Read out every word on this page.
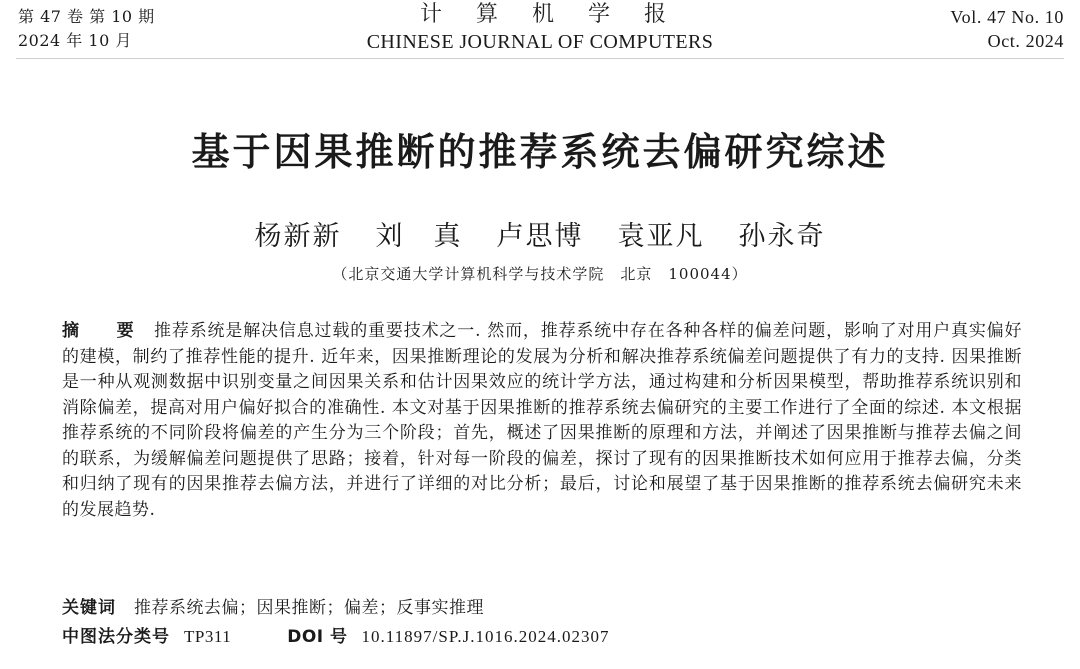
第 47 卷 第 10 期
2024 年 10 月
计算机学报
CHINESE JOURNAL OF COMPUTERS
Vol. 47 No. 10
Oct. 2024
基于因果推断的推荐系统去偏研究综述
杨新新 刘　真 卢思博 袁亚凡 孙永奇
（北京交通大学计算机科学与技术学院　北京　100044）
摘　要 推荐系统是解决信息过载的重要技术之一. 然而，推荐系统中存在各种各样的偏差问题，影响了对用户真实偏好的建模，制约了推荐性能的提升. 近年来，因果推断理论的发展为分析和解决推荐系统偏差问题提供了有力的支持. 因果推断是一种从观测数据中识别变量之间因果关系和估计因果效应的统计学方法，通过构建和分析因果模型，帮助推荐系统识别和消除偏差，提高对用户偏好拟合的准确性. 本文对基于因果推断的推荐系统去偏研究的主要工作进行了全面的综述. 本文根据推荐系统的不同阶段将偏差的产生分为三个阶段；首先，概述了因果推断的原理和方法，并阐述了因果推断与推荐去偏之间的联系，为缓解偏差问题提供了思路；接着，针对每一阶段的偏差，探讨了现有的因果推断技术如何应用于推荐去偏，分类和归纳了现有的因果推荐去偏方法，并进行了详细的对比分析；最后，讨论和展望了基于因果推断的推荐系统去偏研究未来的发展趋势.
关键词 推荐系统去偏；因果推断；偏差；反事实推理
中图法分类号 TP311	DOI 号 10.11897/SP.J.1016.2024.02307
